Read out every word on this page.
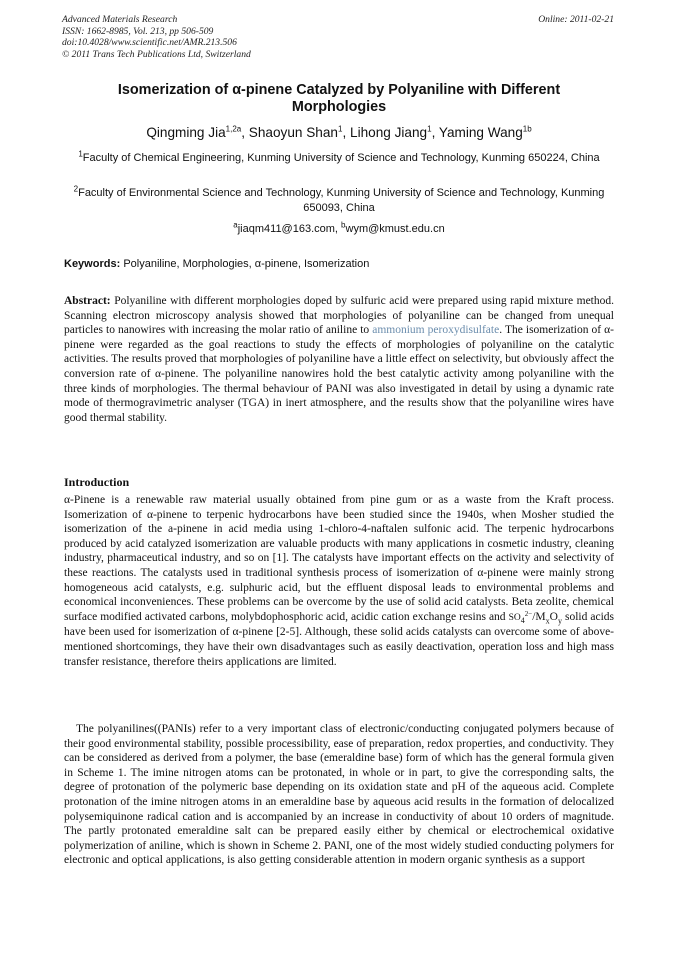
Advanced Materials Research
ISSN: 1662-8985, Vol. 213, pp 506-509
doi:10.4028/www.scientific.net/AMR.213.506
© 2011 Trans Tech Publications Ltd, Switzerland
Online: 2011-02-21
Isomerization of α-pinene Catalyzed by Polyaniline with Different Morphologies
Qingming Jia$^{1,2a}$, Shaoyun Shan$^1$, Lihong Jiang$^1$, Yaming Wang$^{1b}$
$^1$Faculty of Chemical Engineering, Kunming University of Science and Technology, Kunming 650224, China
$^2$Faculty of Environmental Science and Technology, Kunming University of Science and Technology, Kunming 650093, China
$^a$jiaqm411@163.com, $^b$wym@kmust.edu.cn
Keywords: Polyaniline, Morphologies, α-pinene, Isomerization
Abstract: Polyaniline with different morphologies doped by sulfuric acid were prepared using rapid mixture method. Scanning electron microscopy analysis showed that morphologies of polyaniline can be changed from unequal particles to nanowires with increasing the molar ratio of aniline to ammonium peroxydisulfate. The isomerization of α-pinene were regarded as the goal reactions to study the effects of morphologies of polyaniline on the catalytic activities. The results proved that morphologies of polyaniline have a little effect on selectivity, but obviously affect the conversion rate of α-pinene. The polyaniline nanowires hold the best catalytic activity among polyaniline with the three kinds of morphologies. The thermal behaviour of PANI was also investigated in detail by using a dynamic rate mode of thermogravimetric analyser (TGA) in inert atmosphere, and the results show that the polyaniline wires have good thermal stability.
Introduction
α-Pinene is a renewable raw material usually obtained from pine gum or as a waste from the Kraft process. Isomerization of α-pinene to terpenic hydrocarbons have been studied since the 1940s, when Mosher studied the isomerization of the a-pinene in acid media using 1-chloro-4-naftalen sulfonic acid. The terpenic hydrocarbons produced by acid catalyzed isomerization are valuable products with many applications in cosmetic industry, cleaning industry, pharmaceutical industry, and so on [1]. The catalysts have important effects on the activity and selectivity of these reactions. The catalysts used in traditional synthesis process of isomerization of α-pinene were mainly strong homogeneous acid catalysts, e.g. sulphuric acid, but the effluent disposal leads to environmental problems and economical inconveniences. These problems can be overcome by the use of solid acid catalysts. Beta zeolite, chemical surface modified activated carbons, molybdophosphoric acid, acidic cation exchange resins and $SO_4^{2-}/M_xO_y$ solid acids have been used for isomerization of α-pinene [2-5]. Although, these solid acids catalysts can overcome some of above-mentioned shortcomings, they have their own disadvantages such as easily deactivation, operation loss and high mass transfer resistance, therefore theirs applications are limited.
The polyanilines((PANIs) refer to a very important class of electronic/conducting conjugated polymers because of their good environmental stability, possible processibility, ease of preparation, redox properties, and conductivity. They can be considered as derived from a polymer, the base (emeraldine base) form of which has the general formula given in Scheme 1. The imine nitrogen atoms can be protonated, in whole or in part, to give the corresponding salts, the degree of protonation of the polymeric base depending on its oxidation state and pH of the aqueous acid. Complete protonation of the imine nitrogen atoms in an emeraldine base by aqueous acid results in the formation of delocalized polysemiquinone radical cation and is accompanied by an increase in conductivity of about 10 orders of magnitude. The partly protonated emeraldine salt can be prepared easily either by chemical or electrochemical oxidative polymerization of aniline, which is shown in Scheme 2. PANI, one of the most widely studied conducting polymers for electronic and optical applications, is also getting considerable attention in modern organic synthesis as a support
